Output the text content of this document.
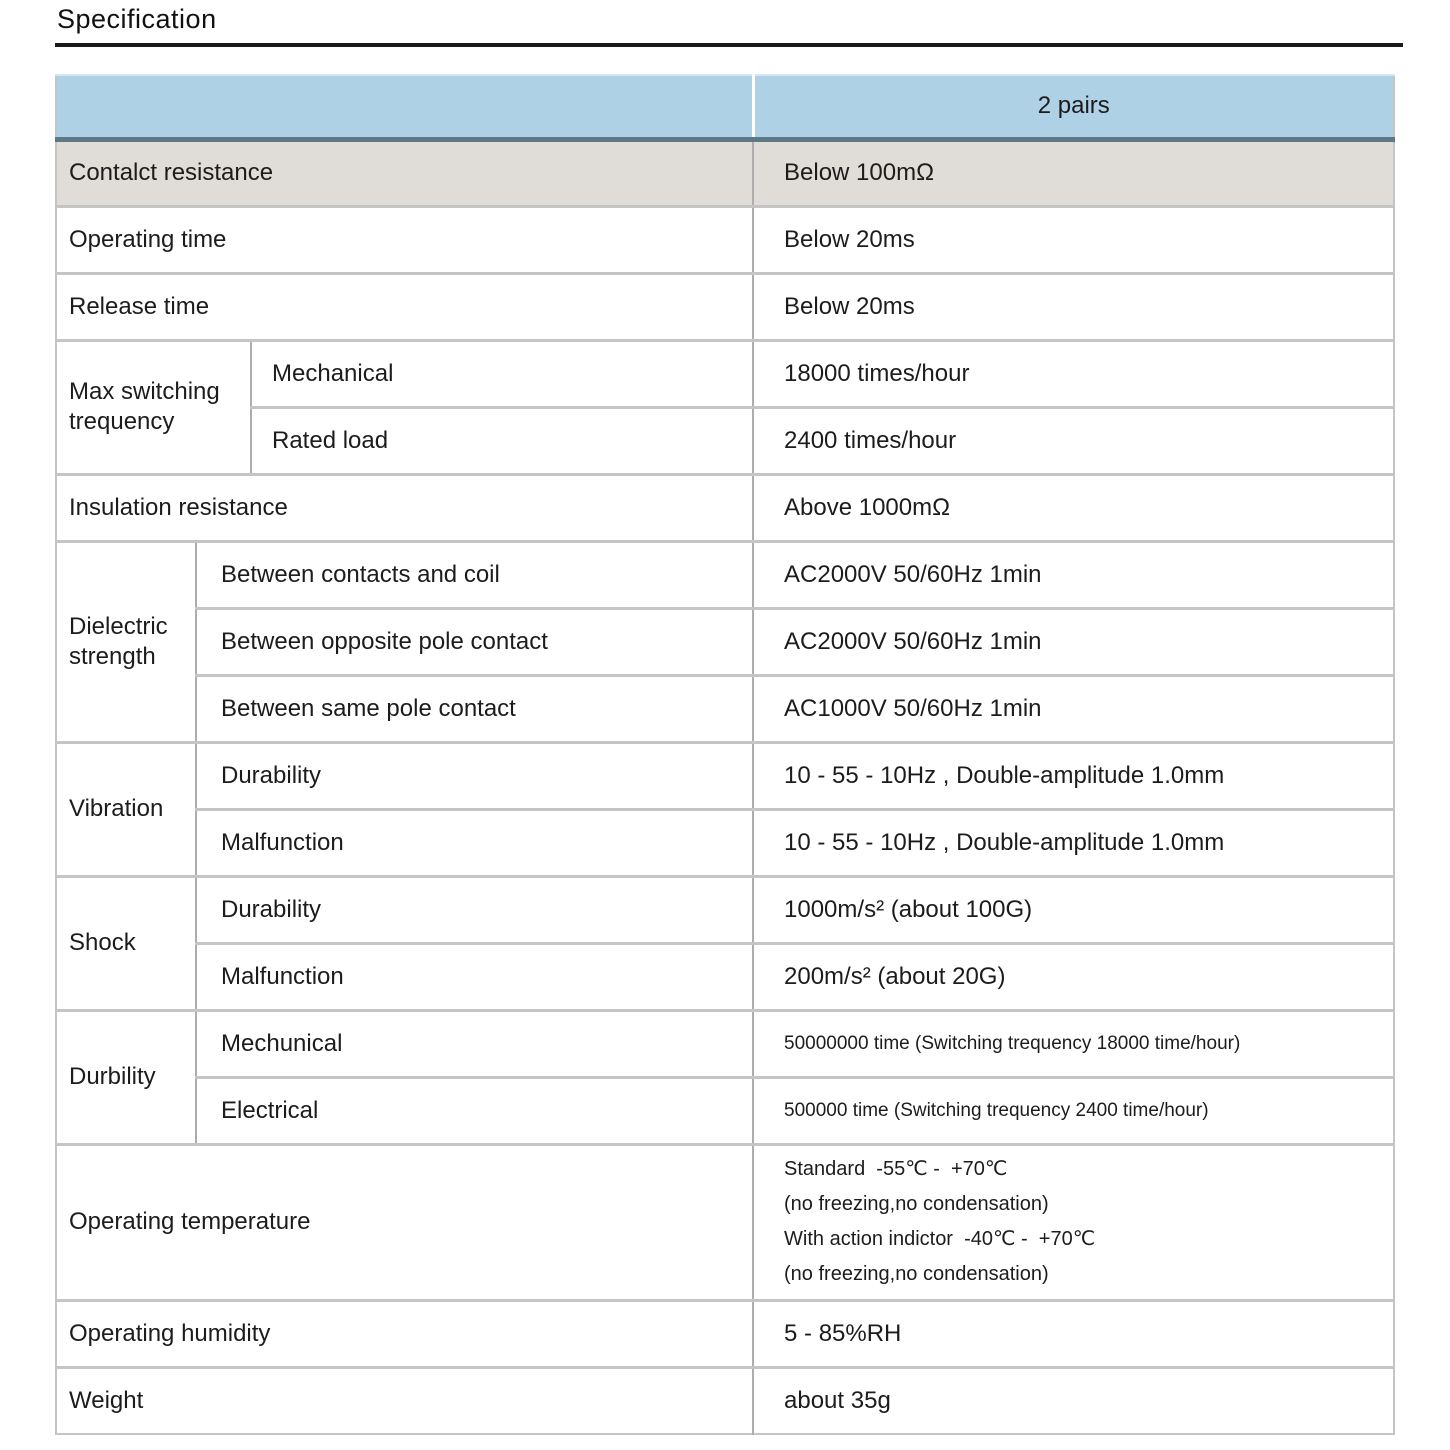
Specification
			2 pairs
Contalct resistance			Below 100mΩ
Operating time			Below 20ms
Release time			Below 20ms
Max switching trequency		Mechanical	18000 times/hour
		Rated load	2400 times/hour
Insulation resistance			Above 1000mΩ
Dielectric strength	Between contacts and coil		AC2000V 50/60Hz 1min
	Between opposite pole contact		AC2000V 50/60Hz 1min
	Between same pole contact		AC1000V 50/60Hz 1min
Vibration	Durability		10 - 55 - 10Hz , Double-amplitude 1.0mm
	Malfunction		10 - 55 - 10Hz , Double-amplitude 1.0mm
Shock	Durability		1000m/s² (about 100G)
	Malfunction		200m/s² (about 20G)
Durbility	Mechunical		50000000 time (Switching trequency 18000 time/hour)
	Electrical		500000 time (Switching trequency 2400 time/hour)
Operating temperature			Standard  -55℃ -  +70℃
(no freezing,no condensation)
With action indictor  -40℃ -  +70℃
(no freezing,no condensation)

Operating humidity			5 - 85%RH
Weight			about 35g
